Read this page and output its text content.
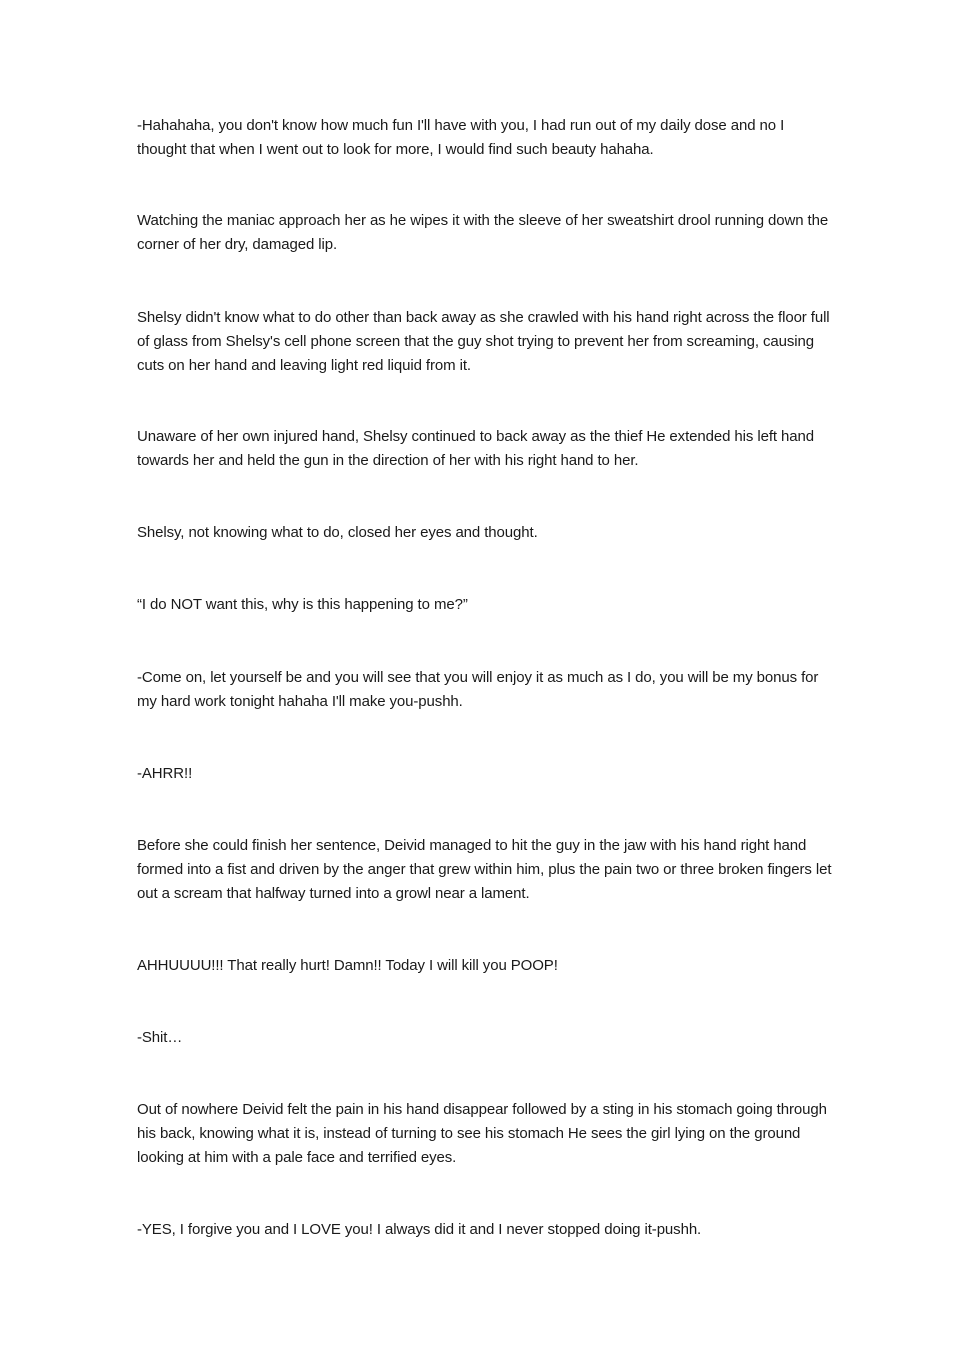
-Hahahaha, you don't know how much fun I'll have with you, I had run out of my daily dose and no I thought that when I went out to look for more, I would find such beauty hahaha.

Watching the maniac approach her as he wipes it with the sleeve of her sweatshirt drool running down the corner of her dry, damaged lip.

Shelsy didn't know what to do other than back away as she crawled with his hand right across the floor full of glass from Shelsy's cell phone screen that the guy shot trying to prevent her from screaming, causing cuts on her hand and leaving light red liquid from it.

Unaware of her own injured hand, Shelsy continued to back away as the thief He extended his left hand towards her and held the gun in the direction of her with his right hand to her.

Shelsy, not knowing what to do, closed her eyes and thought.

“I do NOT want this, why is this happening to me?”

-Come on, let yourself be and you will see that you will enjoy it as much as I do, you will be my bonus for my hard work tonight hahaha I'll make you-pushh.

-AHRR!!

Before she could finish her sentence, Deivid managed to hit the guy in the jaw with his hand right hand formed into a fist and driven by the anger that grew within him, plus the pain two or three broken fingers let out a scream that halfway turned into a growl near a lament.

AHHUUUU!!! That really hurt! Damn!! Today I will kill you POOP!

-Shit…

Out of nowhere Deivid felt the pain in his hand disappear followed by a sting in his stomach going through his back, knowing what it is, instead of turning to see his stomach He sees the girl lying on the ground looking at him with a pale face and terrified eyes.

-YES, I forgive you and I LOVE you! I always did it and I never stopped doing it-pushh.
